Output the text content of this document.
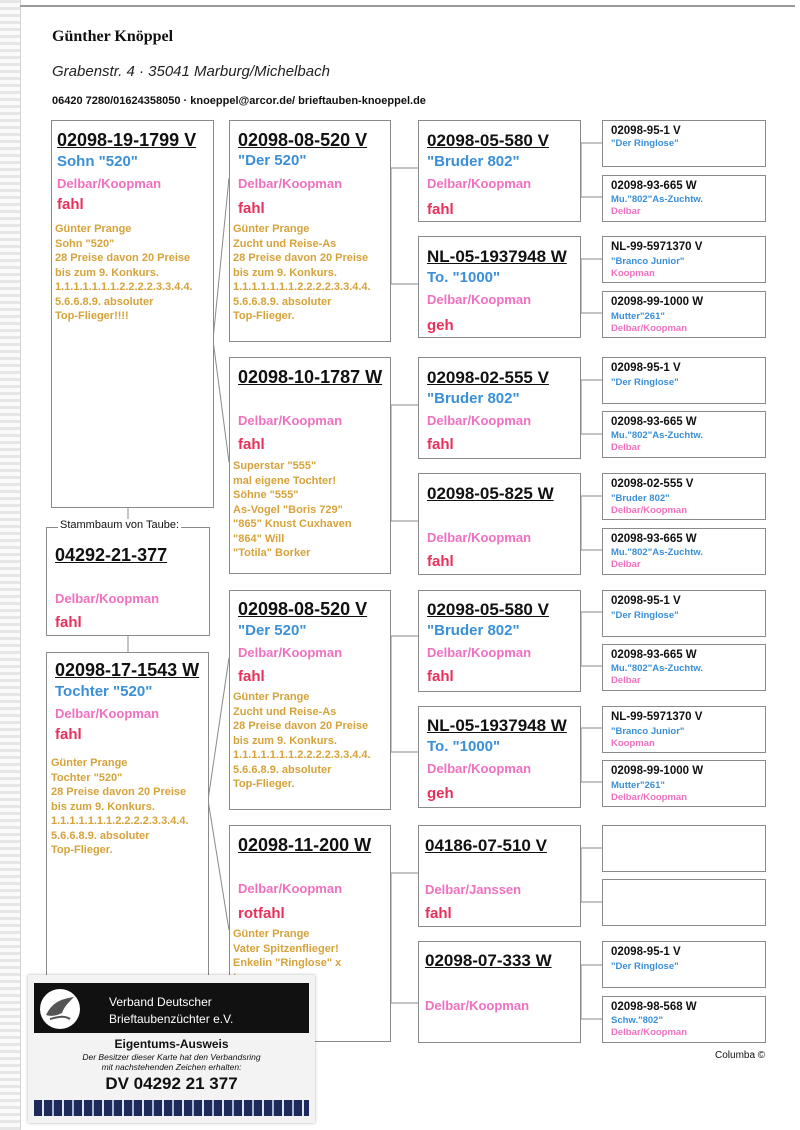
Günther Knöppel
Grabenstr. 4 · 35041 Marburg/Michelbach
06420 7280/01624358050 · knoeppel@arcor.de/ brieftauben-knoeppel.de
02098-19-1799 V
Sohn "520"
Delbar/Koopman
fahl
Günter Prange
Sohn "520"
28 Preise davon 20 Preise
bis zum 9. Konkurs.
1.1.1.1.1.1.1.2.2.2.2.3.3.4.4.
5.6.6.8.9. absoluter
Top-Flieger!!!!
04292-21-377
Delbar/Koopman
fahl
Stammbaum von Taube:
02098-17-1543 W
Tochter "520"
Delbar/Koopman
fahl
Günter Prange
Tochter "520"
28 Preise davon 20 Preise
bis zum 9. Konkurs.
1.1.1.1.1.1.1.2.2.2.2.3.3.4.4.
5.6.6.8.9. absoluter
Top-Flieger.
02098-08-520 V
"Der 520"
Delbar/Koopman
fahl
Günter Prange
Zucht und Reise-As
28 Preise davon 20 Preise
bis zum 9. Konkurs.
1.1.1.1.1.1.1.2.2.2.2.3.3.4.4.
5.6.6.8.9. absoluter
Top-Flieger.
02098-10-1787 W
Delbar/Koopman
fahl
Superstar "555"
mal eigene Tochter!
Söhne "555"
As-Vogel "Boris 729"
"865" Knust Cuxhaven
"864" Will
"Totila" Borker
02098-08-520 V
"Der 520"
Delbar/Koopman
fahl
Günter Prange
Zucht und Reise-As
28 Preise davon 20 Preise
bis zum 9. Konkurs.
1.1.1.1.1.1.1.2.2.2.2.3.3.4.4.
5.6.6.8.9. absoluter
Top-Flieger.
02098-11-200 W
Delbar/Koopman
rotfahl
Günter Prange
Vater Spitzenflieger!
Enkelin "Ringlose" x

02098-05-580 V
"Bruder 802"
Delbar/Koopman
fahl
NL-05-1937948 W
To. "1000"
Delbar/Koopman
geh
02098-02-555 V
"Bruder 802"
Delbar/Koopman
fahl
02098-05-825 W
Delbar/Koopman
fahl
02098-05-580 V
"Bruder 802"
Delbar/Koopman
fahl
NL-05-1937948 W
To. "1000"
Delbar/Koopman
geh
04186-07-510 V
Delbar/Janssen
fahl
02098-07-333 W
Delbar/Koopman
02098-95-1 V
"Der Ringlose"
02098-93-665 W
Mu."802"As-Zuchtw.
Delbar
NL-99-5971370 V
"Branco Junior"
Koopman
02098-99-1000 W
Mutter"261"
Delbar/Koopman
02098-95-1 V
"Der Ringlose"
02098-93-665 W
Mu."802"As-Zuchtw.
Delbar
02098-02-555 V
"Bruder 802"
Delbar/Koopman
02098-93-665 W
Mu."802"As-Zuchtw.
Delbar
02098-95-1 V
"Der Ringlose"
02098-93-665 W
Mu."802"As-Zuchtw.
Delbar
NL-99-5971370 V
"Branco Junior"
Koopman
02098-99-1000 W
Mutter"261"
Delbar/Koopman
02098-95-1 V
"Der Ringlose"
02098-98-568 W
Schw."802"
Delbar/Koopman
Columba ©
Verband Deutscher
Brieftaubenzüchter e.V.
Eigentums-Ausweis
Der Besitzer dieser Karte hat den Verbandsring
mit nachstehenden Zeichen erhalten:
DV 04292 21 377
